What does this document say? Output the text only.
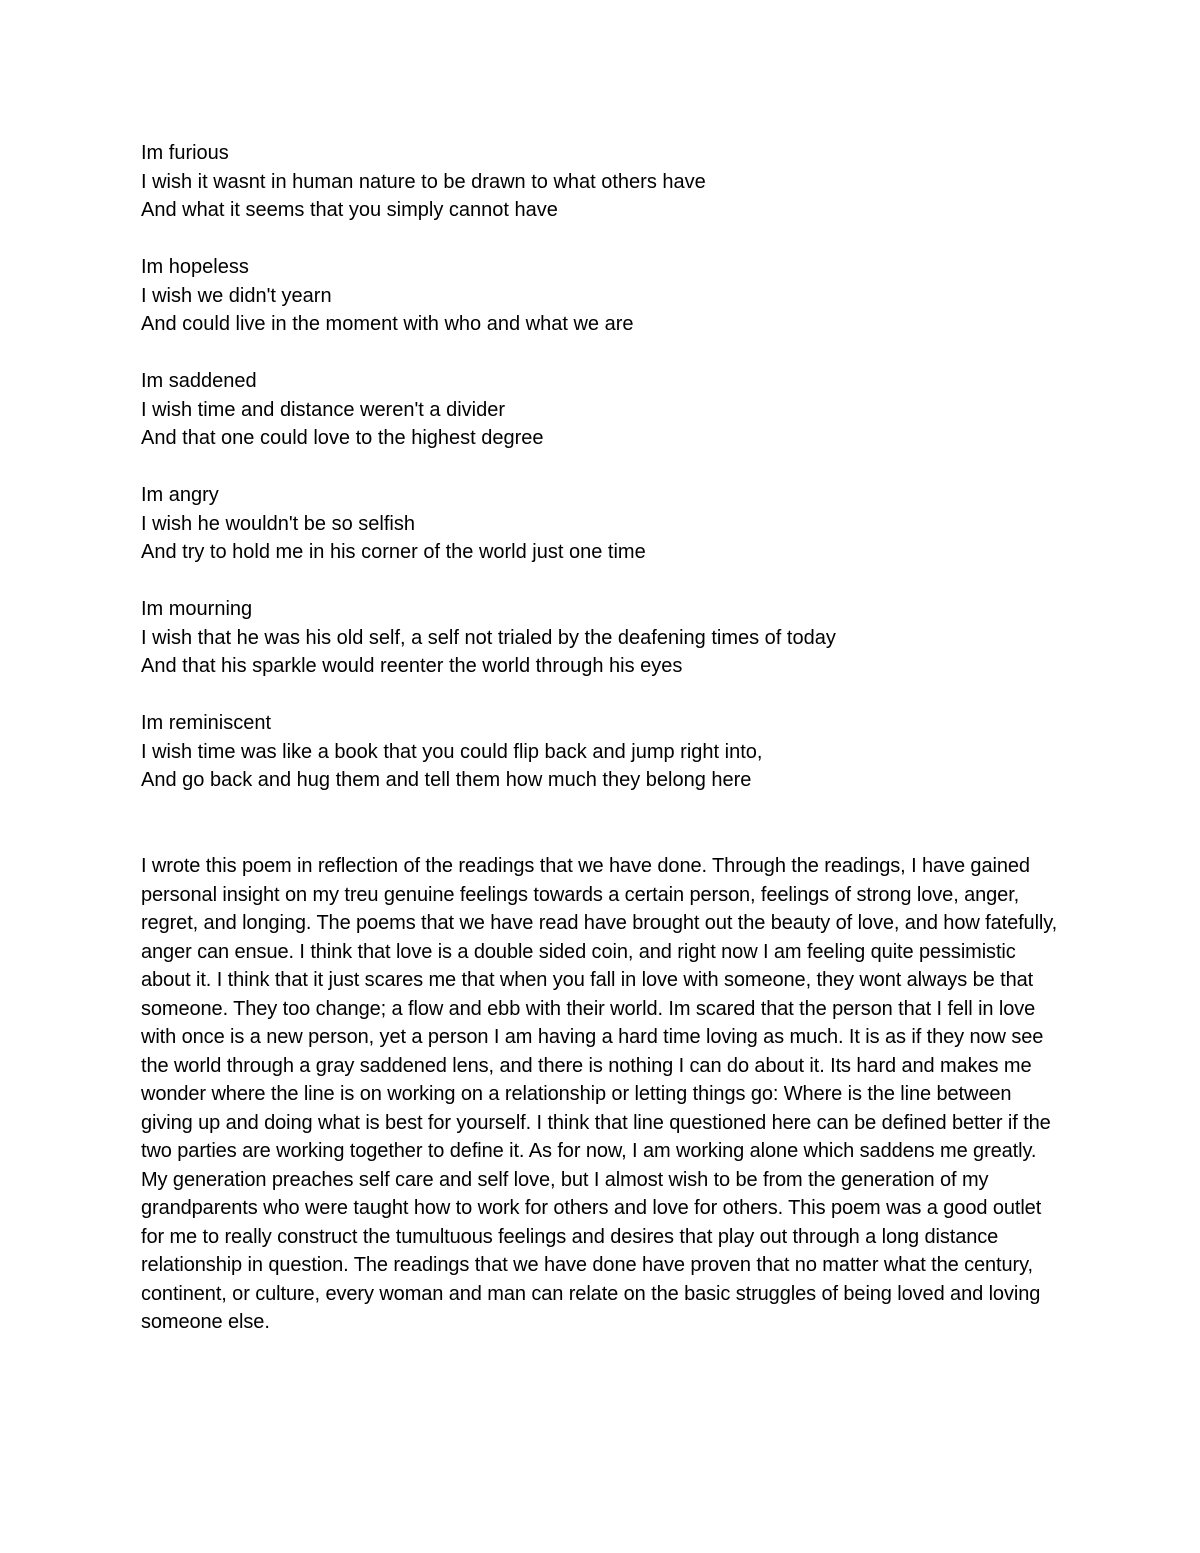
Im furious
I wish it wasnt in human nature to be drawn to what others have
And what it seems that you simply cannot have
Im hopeless
I wish we didn't yearn
And could live in the moment with who and what we are
Im saddened
I wish time and distance weren't a divider
And that one could love to the highest degree
Im angry
I wish he wouldn't be so selfish
And try to hold me in his corner of the world just one time
Im mourning
I wish that he was his old self, a self not trialed by the deafening times of today
And that his sparkle would reenter the world through his eyes
Im reminiscent
I wish time was like a book that you could flip back and jump right into,
And go back and hug them and tell them how much they belong here

I wrote this poem in reflection of the readings that we have done. Through the readings, I have gained personal insight on my treu genuine feelings towards a certain person, feelings of strong love, anger, regret, and longing. The poems that we have read have brought out the beauty of love, and how fatefully, anger can ensue. I think that love is a double sided coin, and right now I am feeling quite pessimistic about it. I think that it just scares me that when you fall in love with someone, they wont always be that someone. They too change; a flow and ebb with their world. Im scared that the person that I fell in love with once is a new person, yet a person I am having a hard time loving as much. It is as if they now see the world through a gray saddened lens, and there is nothing I can do about it. Its hard and makes me wonder where the line is on working on a relationship or letting things go: Where is the line between giving up and doing what is best for yourself. I think that line questioned here can be defined better if the two parties are working together to define it. As for now, I am working alone which saddens me greatly. My generation preaches self care and self love, but I almost wish to be from the generation of my grandparents who were taught how to work for others and love for others. This poem was a good outlet for me to really construct the tumultuous feelings and desires that play out through a long distance relationship in question. The readings that we have done have proven that no matter what the century, continent, or culture, every woman and man can relate on the basic struggles of being loved and loving someone else.
